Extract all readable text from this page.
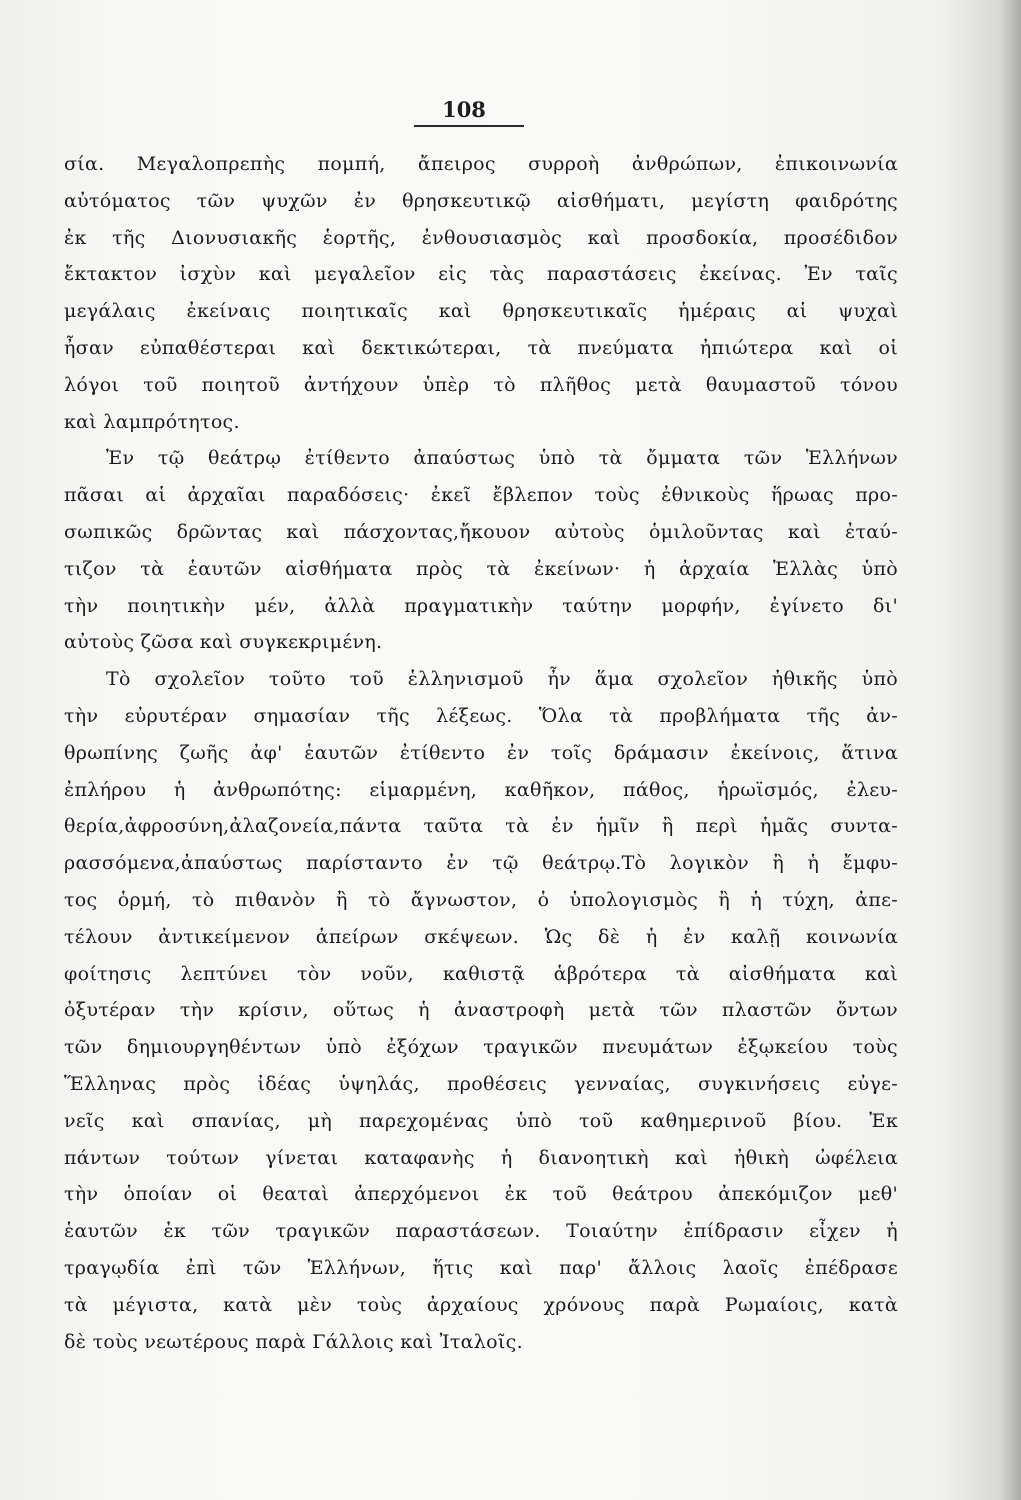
108
σία. Μεγαλοπρεπὴς πομπή, ἄπειρος συρροὴ ἀνθρώπων, ἐπικοινωνία
αὐτόματος τῶν ψυχῶν ἐν θρησκευτικῷ αἰσθήματι, μεγίστη φαιδρότης
ἐκ τῆς Διονυσιακῆς ἑορτῆς, ἐνθουσιασμὸς καὶ προσδοκία, προσέδιδον
ἔκτακτον ἰσχὺν καὶ μεγαλεῖον εἰς τὰς παραστάσεις ἐκείνας. Ἐν ταῖς
μεγάλαις ἐκείναις ποιητικαῖς καὶ θρησκευτικαῖς ἡμέραις αἱ ψυχαὶ
ἦσαν εὐπαθέστεραι καὶ δεκτικώτεραι, τὰ πνεύματα ἠπιώτερα καὶ οἱ
λόγοι τοῦ ποιητοῦ ἀντήχουν ὑπὲρ τὸ πλῆθος μετὰ θαυμαστοῦ τόνου
καὶ λαμπρότητος.
Ἐν τῷ θεάτρῳ ἐτίθεντο ἀπαύστως ὑπὸ τὰ ὄμματα τῶν Ἑλλήνων
πᾶσαι αἱ ἀρχαῖαι παραδόσεις· ἐκεῖ ἔβλεπον τοὺς ἐθνικοὺς ἥρωας προ-
σωπικῶς δρῶντας καὶ πάσχοντας,ἤκουον αὐτοὺς ὁμιλοῦντας καὶ ἐταύ-
τιζον τὰ ἑαυτῶν αἰσθήματα πρὸς τὰ ἐκείνων· ἡ ἀρχαία Ἑλλὰς ὑπὸ
τὴν ποιητικὴν μέν, ἀλλὰ πραγματικὴν ταύτην μορφήν, ἐγίνετο δι'
αὐτοὺς ζῶσα καὶ συγκεκριμένη.
Τὸ σχολεῖον τοῦτο τοῦ ἑλληνισμοῦ ἦν ἅμα σχολεῖον ἠθικῆς ὑπὸ
τὴν εὐρυτέραν σημασίαν τῆς λέξεως. Ὅλα τὰ προβλήματα τῆς ἀν-
θρωπίνης ζωῆς ἀφ' ἑαυτῶν ἐτίθεντο ἐν τοῖς δράμασιν ἐκείνοις, ἅτινα
ἐπλήρου ἡ ἀνθρωπότης: εἱμαρμένη, καθῆκον, πάθος, ἡρωϊσμός, ἐλευ-
θερία,ἀφροσύνη,ἀλαζονεία,πάντα ταῦτα τὰ ἐν ἡμῖν ἢ περὶ ἡμᾶς συντα-
ρασσόμενα,ἀπαύστως παρίσταντο ἐν τῷ θεάτρῳ.Τὸ λογικὸν ἢ ἡ ἔμφυ-
τος ὁρμή, τὸ πιθανὸν ἢ τὸ ἄγνωστον, ὁ ὑπολογισμὸς ἢ ἡ τύχη, ἀπε-
τέλουν ἀντικείμενον ἀπείρων σκέψεων. Ὡς δὲ ἡ ἐν καλῇ κοινωνία
φοίτησις λεπτύνει τὸν νοῦν, καθιστᾷ ἁβρότερα τὰ αἰσθήματα καὶ
ὀξυτέραν τὴν κρίσιν, οὕτως ἡ ἀναστροφὴ μετὰ τῶν πλαστῶν ὄντων
τῶν δημιουργηθέντων ὑπὸ ἐξόχων τραγικῶν πνευμάτων ἐξῳκείου τοὺς
Ἕλληνας πρὸς ἰδέας ὑψηλάς, προθέσεις γενναίας, συγκινήσεις εὐγε-
νεῖς καὶ σπανίας, μὴ παρεχομένας ὑπὸ τοῦ καθημερινοῦ βίου. Ἐκ
πάντων τούτων γίνεται καταφανὴς ἡ διανοητικὴ καὶ ἠθικὴ ὠφέλεια
τὴν ὁποίαν οἱ θεαταὶ ἀπερχόμενοι ἐκ τοῦ θεάτρου ἀπεκόμιζον μεθ'
ἑαυτῶν ἐκ τῶν τραγικῶν παραστάσεων. Τοιαύτην ἐπίδρασιν εἶχεν ἡ
τραγῳδία ἐπὶ τῶν Ἑλλήνων, ἥτις καὶ παρ' ἄλλοις λαοῖς ἐπέδρασε
τὰ μέγιστα, κατὰ μὲν τοὺς ἀρχαίους χρόνους παρὰ Ρωμαίοις, κατὰ
δὲ τοὺς νεωτέρους παρὰ Γάλλοις καὶ Ἰταλοῖς.
